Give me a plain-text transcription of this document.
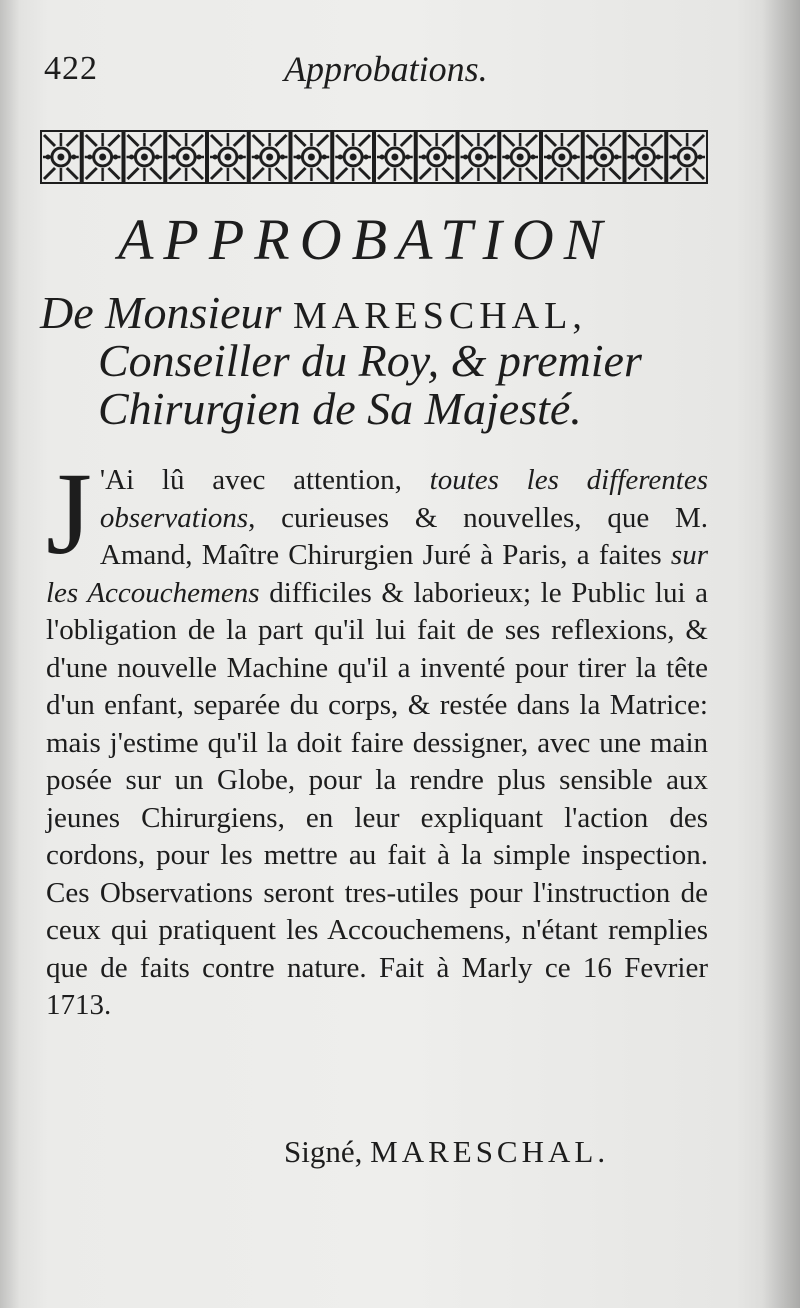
422	Approbations.
APPROBATION
De Monsieur MARESCHAL,
Conseiller du Roy, & premier
Chirurgien de Sa Majesté.
J 'Ai lû avec attention, toutes les differentes observations, curieuses & nouvelles, que M. Amand, Maître Chirurgien Juré à Paris, a faites sur les Accouchemens difficiles & laborieux; le Public lui a l'obligation de la part qu'il lui fait de ses reflexions, & d'une nouvelle Machine qu'il a inventé pour tirer la tête d'un enfant, separée du corps, & restée dans la Matrice: mais j'estime qu'il la doit faire dessigner, avec une main posée sur un Globe, pour la rendre plus sensible aux jeunes Chirurgiens, en leur expliquant l'action des cordons, pour les mettre au fait à la simple inspection. Ces Observations seront tres-utiles pour l'instruction de ceux qui pratiquent les Accouchemens, n'étant remplies que de faits contre nature. Fait à Marly ce 16 Fevrier 1713.
Signé, MARESCHAL.
